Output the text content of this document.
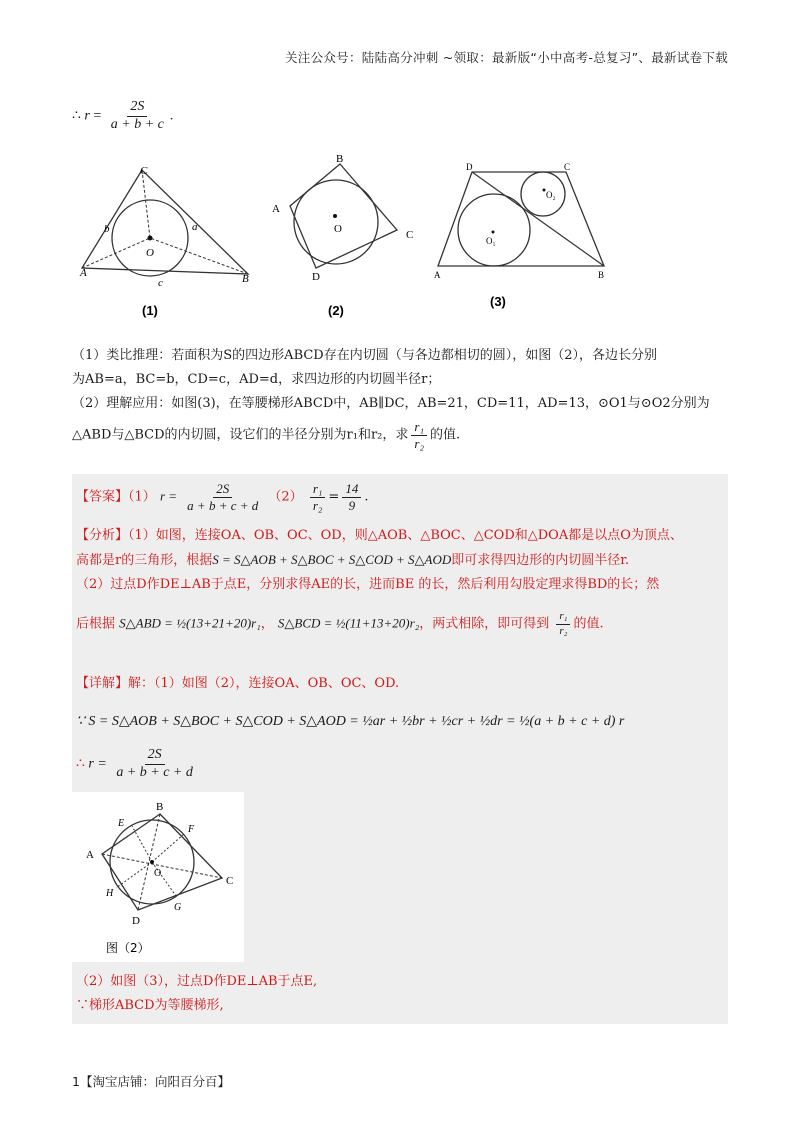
关注公众号：陆陆高分冲刺 ~领取：最新版“小中高考-总复习”、最新试卷下载
∴ $r = \frac{2S}{a + b + c}$ .
C
A	B
O
b	a
c
(1)
B
A
C
D
O
(2)
D	C
A	B
O₁
O₂
(3)
（1）类比推理：若面积为S的四边形ABCD存在内切圆（与各边都相切的圆），如图（2），各边长分别
为AB=a，BC=b，CD=c，AD=d，求四边形的内切圆半径r；
（2）理解应用：如图(3)，在等腰梯形ABCD中，AB∥DC，AB=21，CD=11，AD=13，⊙O1与⊙O2分别为
△ABD与△BCD的内切圆，设它们的半径分别为r₁和r₂，求 $\frac{\text{r₁}}{\text{r₂}}$ 的值.
【答案】（1） $r = \frac{2S}{a + b + c + d} (2) \frac{\text{r₁}}{\text{r₂}} = \frac{14}{9}$ .
【分析】（1）如图，连接OA、OB、OC、OD，则△AOB、△BOC、△COD和△DOA都是以点O为顶点、
高都是r的三角形，根据S = S△AOB + S△BOC + S△COD + S△AOD即可求得四边形的内切圆半径r.
（2）过点D作DE⊥AB于点E，分别求得AE的长，进而BE 的长，然后利用勾股定理求得BD的长；然
后根据 S△ABD = ½(13+21+20)r₁， S△BCD = ½(11+13+20)r₂，两式相除，即可得到 $\frac{\text{r₁}}{\text{r₂}}$ 的值.
【详解】解：（1）如图（2），连接OA、OB、OC、OD.
∵ S = S△AOB + S△BOC + S△COD + S△AOD = ½ar + ½br + ½cr + ½dr = ½(a + b + c + d) r
∴ $r = \frac{2S}{a + b + c + d}$
B
A
C
D
E
F
G
H
O
图（2）
（2）如图（3），过点D作DE⊥AB于点E,
∵梯形ABCD为等腰梯形,
1【淘宝店铺：向阳百分百】
